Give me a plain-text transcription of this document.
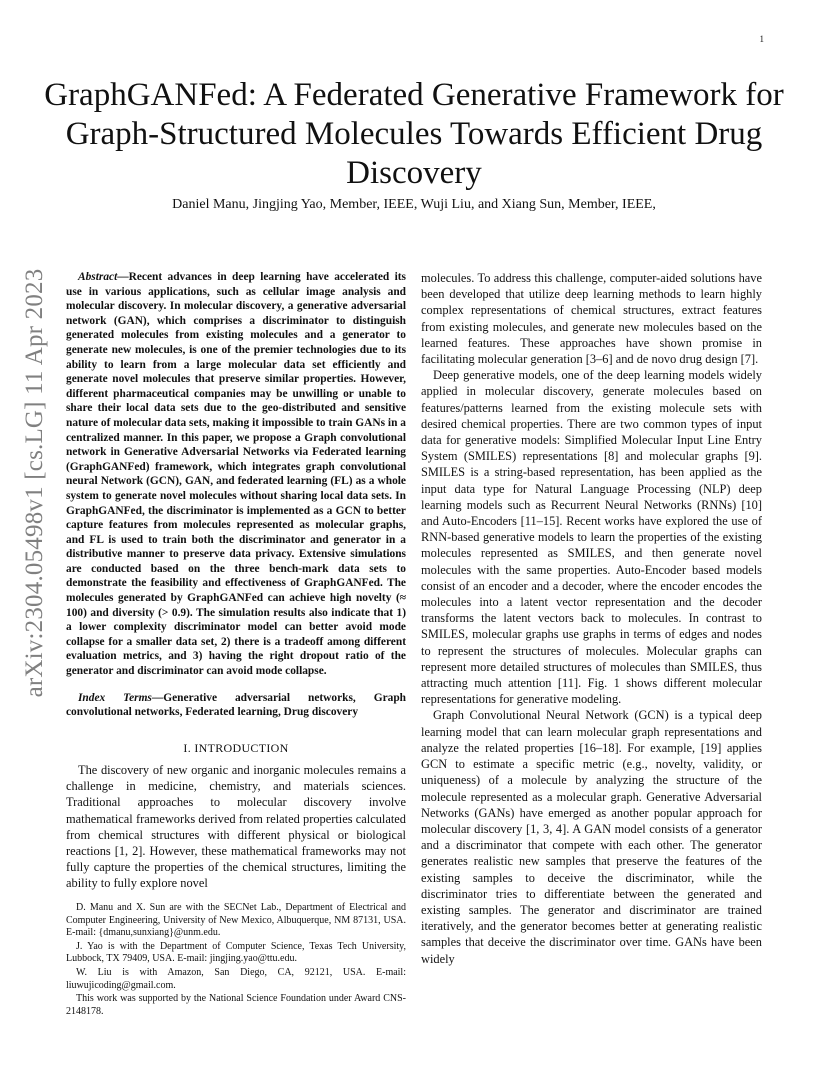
1
arXiv:2304.05498v1 [cs.LG] 11 Apr 2023
GraphGANFed: A Federated Generative Framework for Graph-Structured Molecules Towards Efficient Drug Discovery
Daniel Manu, Jingjing Yao, Member, IEEE, Wuji Liu, and Xiang Sun, Member, IEEE,

Abstract—Recent advances in deep learning have accelerated its use in various applications, such as cellular image analysis and molecular discovery. In molecular discovery, a generative adversarial network (GAN), which comprises a discriminator to distinguish generated molecules from existing molecules and a generator to generate new molecules, is one of the premier technologies due to its ability to learn from a large molecular data set efficiently and generate novel molecules that preserve similar properties. However, different pharmaceutical companies may be unwilling or unable to share their local data sets due to the geo-distributed and sensitive nature of molecular data sets, making it impossible to train GANs in a centralized manner. In this paper, we propose a Graph convolutional network in Generative Adversarial Networks via Federated learning (GraphGANFed) framework, which integrates graph convolutional neural Network (GCN), GAN, and federated learning (FL) as a whole system to generate novel molecules without sharing local data sets. In GraphGANFed, the discriminator is implemented as a GCN to better capture features from molecules represented as molecular graphs, and FL is used to train both the discriminator and generator in a distributive manner to preserve data privacy. Extensive simulations are conducted based on the three bench-mark data sets to demonstrate the feasibility and effectiveness of GraphGANFed. The molecules generated by GraphGANFed can achieve high novelty (≈ 100) and diversity (> 0.9). The simulation results also indicate that 1) a lower complexity discriminator model can better avoid mode collapse for a smaller data set, 2) there is a tradeoff among different evaluation metrics, and 3) having the right dropout ratio of the generator and discriminator can avoid mode collapse.

Index Terms—Generative adversarial networks, Graph convolutional networks, Federated learning, Drug discovery

I. INTRODUCTION

The discovery of new organic and inorganic molecules remains a challenge in medicine, chemistry, and materials sciences. Traditional approaches to molecular discovery involve mathematical frameworks derived from related properties calculated from chemical structures with different physical or biological reactions [1, 2]. However, these mathematical frameworks may not fully capture the properties of the chemical structures, limiting the ability to fully explore novel

D. Manu and X. Sun are with the SECNet Lab., Department of Electrical and Computer Engineering, University of New Mexico, Albuquerque, NM 87131, USA. E-mail: {dmanu,sunxiang}@unm.edu.

J. Yao is with the Department of Computer Science, Texas Tech University, Lubbock, TX 79409, USA. E-mail: jingjing.yao@ttu.edu.

W. Liu is with Amazon, San Diego, CA, 92121, USA. E-mail: liuwujicoding@gmail.com.

This work was supported by the National Science Foundation under Award CNS-2148178.

molecules. To address this challenge, computer-aided solutions have been developed that utilize deep learning methods to learn highly complex representations of chemical structures, extract features from existing molecules, and generate new molecules based on the learned features. These approaches have shown promise in facilitating molecular generation [3–6] and de novo drug design [7].

Deep generative models, one of the deep learning models widely applied in molecular discovery, generate molecules based on features/patterns learned from the existing molecule sets with desired chemical properties. There are two common types of input data for generative models: Simplified Molecular Input Line Entry System (SMILES) representations [8] and molecular graphs [9]. SMILES is a string-based representation, has been applied as the input data type for Natural Language Processing (NLP) deep learning models such as Recurrent Neural Networks (RNNs) [10] and Auto-Encoders [11–15]. Recent works have explored the use of RNN-based generative models to learn the properties of the existing molecules represented as SMILES, and then generate novel molecules with the same properties. Auto-Encoder based models consist of an encoder and a decoder, where the encoder encodes the molecules into a latent vector representation and the decoder transforms the latent vectors back to molecules. In contrast to SMILES, molecular graphs use graphs in terms of edges and nodes to represent the structures of molecules. Molecular graphs can represent more detailed structures of molecules than SMILES, thus attracting much attention [11]. Fig. 1 shows different molecular representations for generative modeling.

Graph Convolutional Neural Network (GCN) is a typical deep learning model that can learn molecular graph representations and analyze the related properties [16–18]. For example, [19] applies GCN to estimate a specific metric (e.g., novelty, validity, or uniqueness) of a molecule by analyzing the structure of the molecule represented as a molecular graph. Generative Adversarial Networks (GANs) have emerged as another popular approach for molecular discovery [1, 3, 4]. A GAN model consists of a generator and a discriminator that compete with each other. The generator generates realistic new samples that preserve the features of the existing samples to deceive the discriminator, while the discriminator tries to differentiate between the generated and existing samples. The generator and discriminator are trained iteratively, and the generator becomes better at generating realistic samples that deceive the discriminator over time. GANs have been widely
